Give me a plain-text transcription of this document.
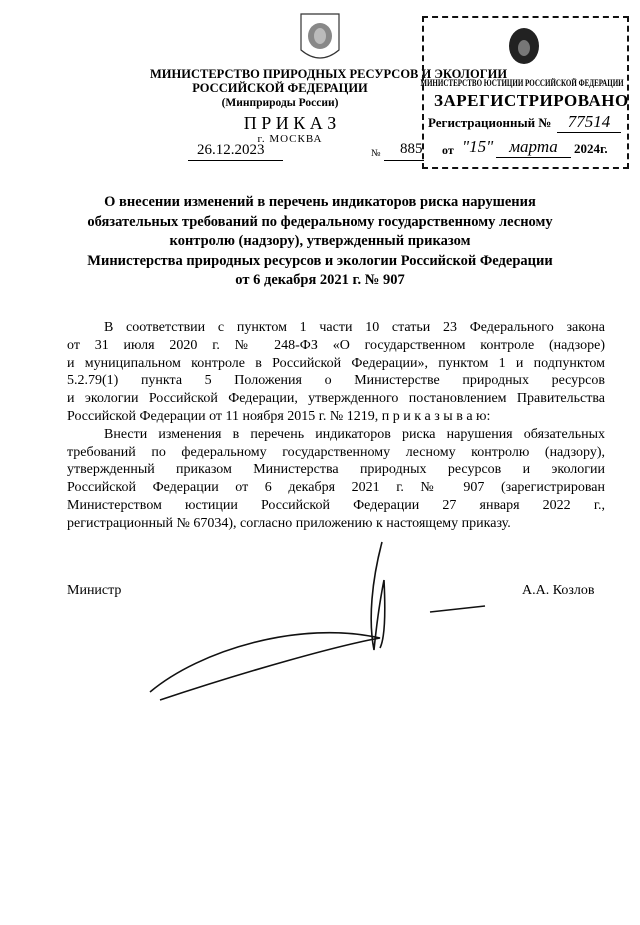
МИНИСТЕРСТВО ПРИРОДНЫХ РЕСУРСОВ И ЭКОЛОГИИ
РОССИЙСКОЙ ФЕДЕРАЦИИ
(Минприроды России)
П Р И К А З
г. МОСКВА
26.12.2023	№ 885
МИНИСТЕРСТВО ЮСТИЦИИ РОССИЙСКОЙ ФЕДЕРАЦИИ
ЗАРЕГИСТРИРОВАНО
Регистрационный № 77514
от "15" марта	2024г.
О внесении изменений в перечень индикаторов риска нарушения
обязательных требований по федеральному государственному лесному
контролю (надзору), утвержденный приказом
Министерства природных ресурсов и экологии Российской Федерации
от 6 декабря 2021 г. № 907
В соответствии с пунктом 1 части 10 статьи 23 Федерального закона
от 31 июля 2020 г. № 248-ФЗ «О государственном контроле (надзоре)
и муниципальном контроле в Российской Федерации», пунктом 1 и подпунктом
5.2.79(1) пункта 5 Положения о Министерстве природных ресурсов
и экологии Российской Федерации, утвержденного постановлением Правительства
Российской Федерации от 11 ноября 2015 г. № 1219, п р и к а з ы в а ю:
Внести изменения в перечень индикаторов риска нарушения обязательных
требований по федеральному государственному лесному контролю (надзору),
утвержденный приказом Министерства природных ресурсов и экологии
Российской Федерации от 6 декабря 2021 г. № 907 (зарегистрирован
Министерством юстиции Российской Федерации 27 января 2022 г.,
регистрационный № 67034), согласно приложению к настоящему приказу.
Министр	А.А. Козлов
